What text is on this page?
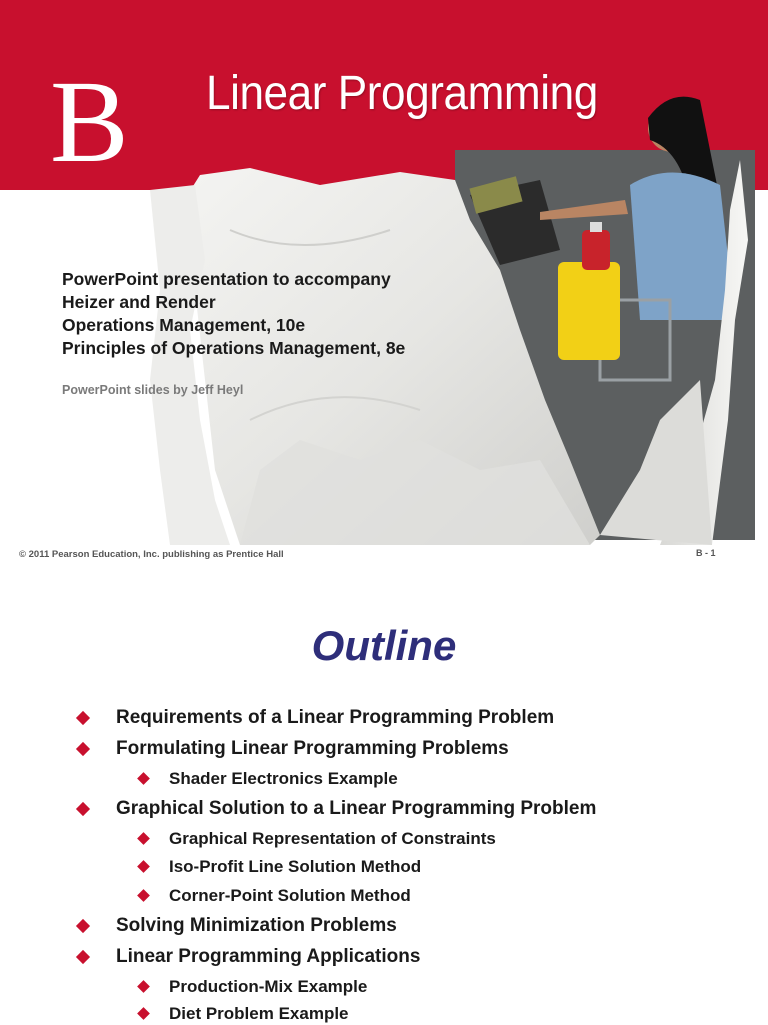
B Linear Programming
PowerPoint presentation to accompany
Heizer and Render
Operations Management, 10e
Principles of Operations Management, 8e
PowerPoint slides by Jeff Heyl
© 2011 Pearson Education, Inc. publishing as Prentice Hall	B - 1
Outline
Requirements of a Linear Programming Problem
Formulating Linear Programming Problems
Shader Electronics Example
Graphical Solution to a Linear Programming Problem
Graphical Representation of Constraints
Iso-Profit Line Solution Method
Corner-Point Solution Method
Solving Minimization Problems
Linear Programming Applications
Production-Mix Example
Diet Problem Example
